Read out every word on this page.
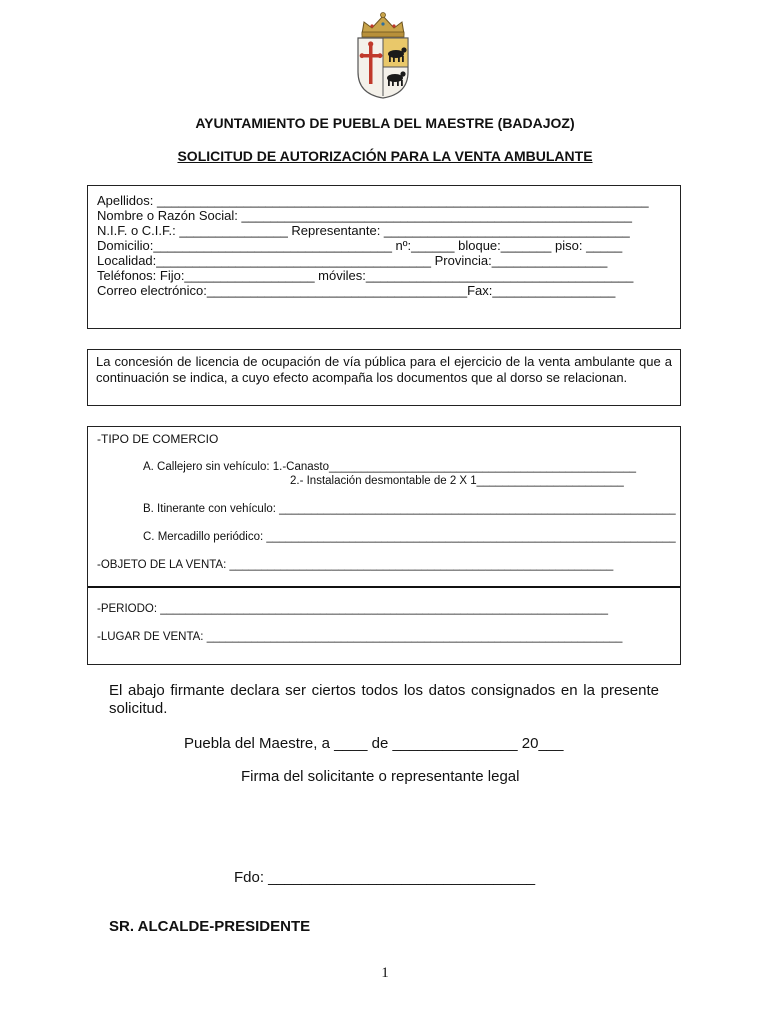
AYUNTAMIENTO DE PUEBLA DEL MAESTRE (BADAJOZ)
SOLICITUD DE AUTORIZACIÓN PARA LA VENTA AMBULANTE
Apellidos: ____________________________________________________________________
Nombre o Razón Social: ______________________________________________________
N.I.F. o C.I.F.: _______________ Representante: __________________________________
Domicilio:_________________________________ nº:______ bloque:_______ piso: _____
Localidad:______________________________________ Provincia:________________
Teléfonos: Fijo:__________________ móviles:_____________________________________
Correo electrónico:____________________________________Fax:_________________
La concesión de licencia de ocupación de vía pública para el ejercicio de la venta ambulante que a continuación se indica, a cuyo efecto acompaña los documentos que al dorso se relacionan.
-TIPO DE COMERCIO
A. Callejero sin vehículo: 1.-Canasto________________________________________________
2.- Instalación desmontable de 2 X 1_______________________
B. Itinerante con vehículo: ______________________________________________________________
C. Mercadillo periódico: ________________________________________________________________
-OBJETO DE LA VENTA: ____________________________________________________________
-PERIODO: ______________________________________________________________________
-LUGAR DE VENTA: _________________________________________________________________
El abajo firmante declara ser ciertos todos los datos consignados en la presente solicitud.
Puebla del Maestre, a ____ de _______________ 20___
Firma del solicitante o representante legal
Fdo: ________________________________
SR. ALCALDE-PRESIDENTE
1
